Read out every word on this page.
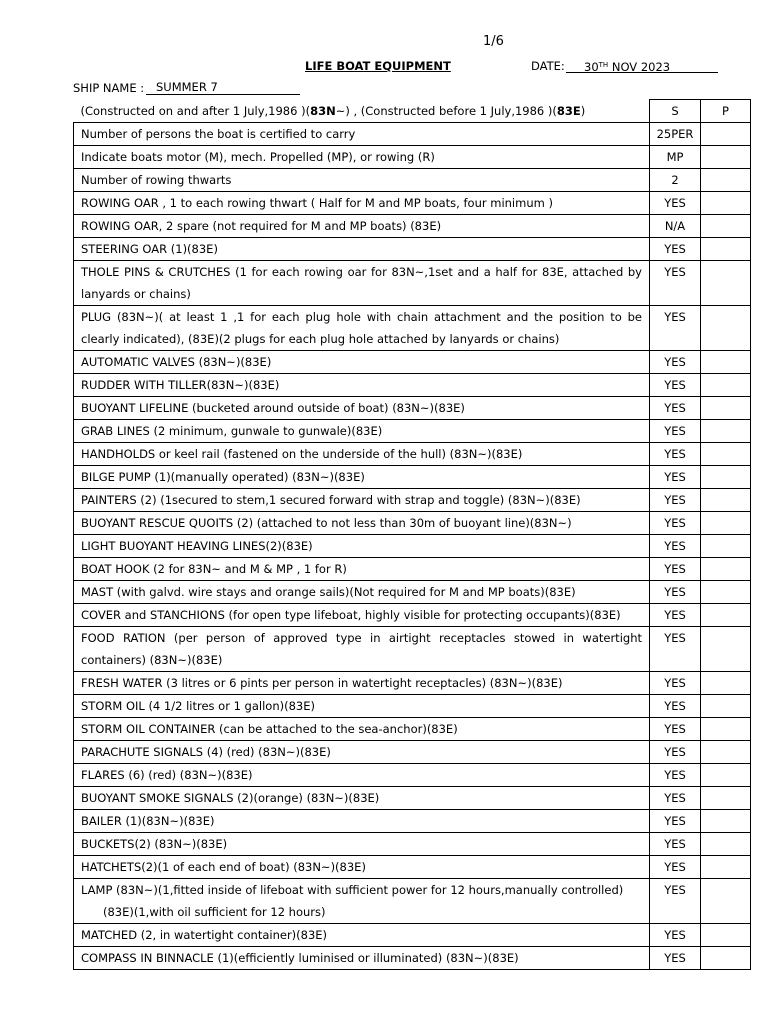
1/6
LIFE BOAT EQUIPMENT	DATE:	30TH NOV 2023
SHIP NAME :	SUMMER 7
(Constructed on and after 1 July,1986 )(83N~) , (Constructed before 1 July,1986 )(83E)	S	P
Number of persons the boat is certified to carry	25PER	
Indicate boats motor (M), mech. Propelled (MP), or rowing (R)	MP	
Number of rowing thwarts	2	
ROWING OAR , 1 to each rowing thwart ( Half for M and MP boats, four minimum )	YES	
ROWING OAR, 2 spare (not required for M and MP boats) (83E)	N/A	
STEERING OAR (1)(83E)	YES	
THOLE PINS & CRUTCHES (1 for each rowing oar for 83N~,1set and a half for 83E, attached by lanyards or chains)	YES	
PLUG (83N~)( at least 1 ,1 for each plug hole with chain attachment and the position to be clearly indicated), (83E)(2 plugs for each plug hole attached by lanyards or chains)	YES	
AUTOMATIC VALVES (83N~)(83E)	YES	
RUDDER WITH TILLER(83N~)(83E)	YES	
BUOYANT LIFELINE (bucketed around outside of boat) (83N~)(83E)	YES	
GRAB LINES (2 minimum, gunwale to gunwale)(83E)	YES	
HANDHOLDS or keel rail (fastened on the underside of the hull) (83N~)(83E)	YES	
BILGE PUMP (1)(manually operated) (83N~)(83E)	YES	
PAINTERS (2) (1secured to stem,1 secured forward with strap and toggle) (83N~)(83E)	YES	
BUOYANT RESCUE QUOITS (2) (attached to not less than 30m of buoyant line)(83N~)	YES	
LIGHT BUOYANT HEAVING LINES(2)(83E)	YES	
BOAT HOOK (2 for 83N~ and M & MP , 1 for R)	YES	
MAST (with galvd. wire stays and orange sails)(Not required for M and MP boats)(83E)	YES	
COVER and STANCHIONS (for open type lifeboat, highly visible for protecting occupants)(83E)	YES	
FOOD RATION (per person of approved type in airtight receptacles stowed in watertight containers) (83N~)(83E)	YES	
FRESH WATER (3 litres or 6 pints per person in watertight receptacles) (83N~)(83E)	YES	
STORM OIL (4 1/2 litres or 1 gallon)(83E)	YES	
STORM OIL CONTAINER (can be attached to the sea-anchor)(83E)	YES	
PARACHUTE SIGNALS (4) (red) (83N~)(83E)	YES	
FLARES (6) (red) (83N~)(83E)	YES	
BUOYANT SMOKE SIGNALS (2)(orange) (83N~)(83E)	YES	
BAILER (1)(83N~)(83E)	YES	
BUCKETS(2) (83N~)(83E)	YES	
HATCHETS(2)(1 of each end of boat) (83N~)(83E)	YES	
LAMP (83N~)(1,fitted inside of lifeboat with sufficient power for 12 hours,manually controlled)
(83E)(1,with oil sufficient for 12 hours)	YES	
MATCHED (2, in watertight container)(83E)	YES	
COMPASS IN BINNACLE (1)(efficiently luminised or illuminated) (83N~)(83E)	YES	
